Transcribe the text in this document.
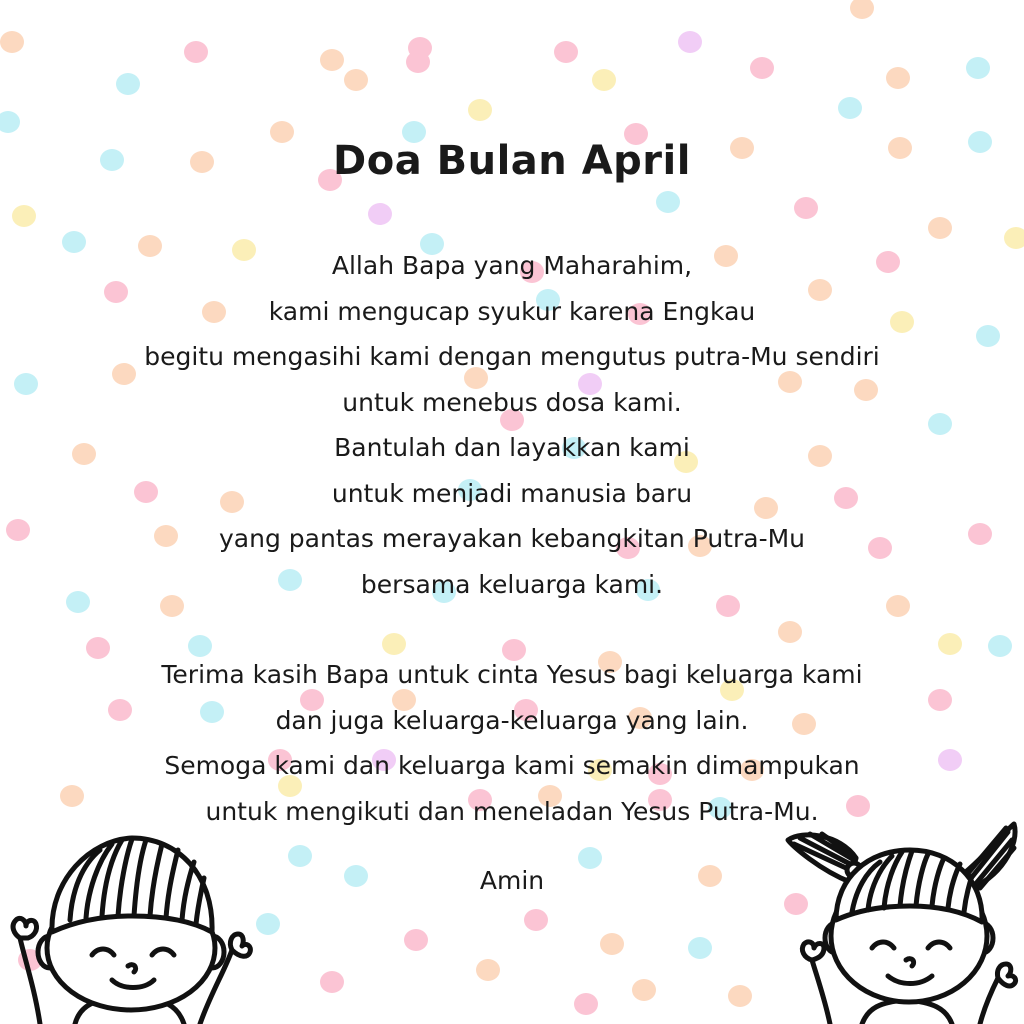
Doa Bulan April
Allah Bapa yang Maharahim,
kami mengucap syukur karena Engkau
begitu mengasihi kami dengan mengutus putra-Mu sendiri
untuk menebus dosa kami.
Bantulah dan layakkan kami
untuk menjadi manusia baru
yang pantas merayakan kebangkitan Putra-Mu
bersama keluarga kami.
Terima kasih Bapa untuk cinta Yesus bagi keluarga kami
dan juga keluarga-keluarga yang lain.
Semoga kami dan keluarga kami semakin dimampukan
untuk mengikuti dan meneladan Yesus Putra-Mu.
Amin
